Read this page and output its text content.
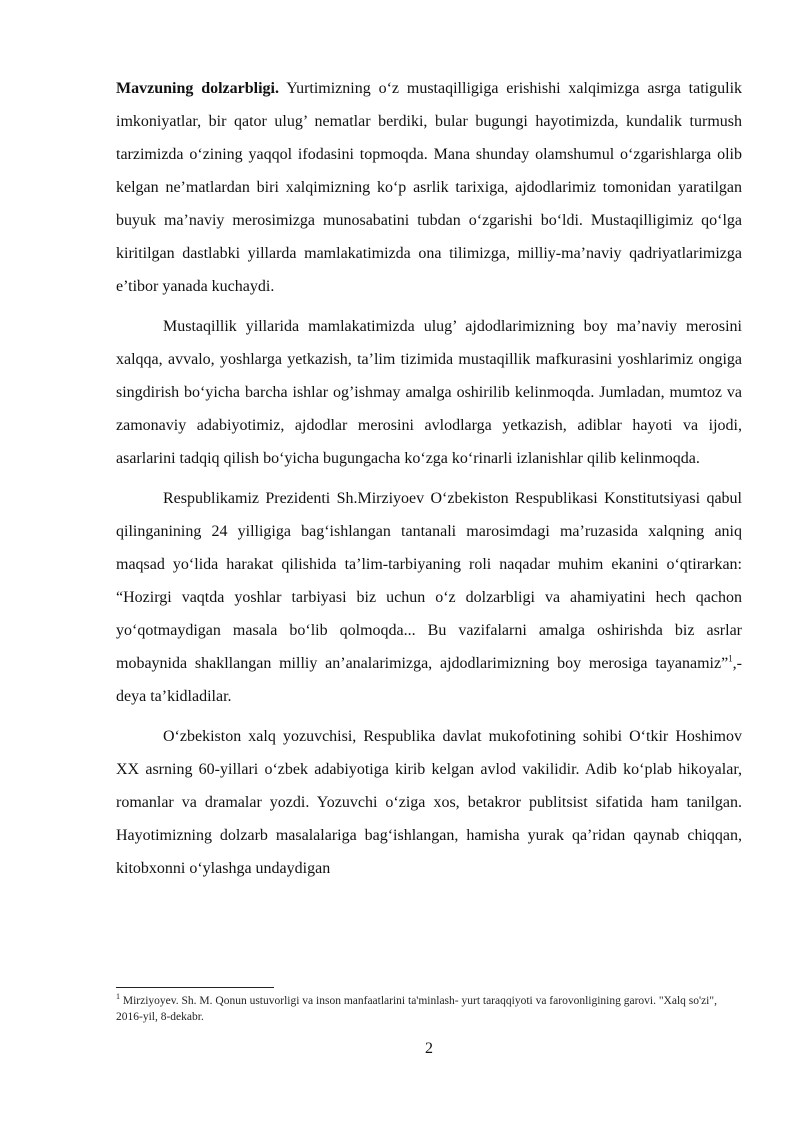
Mavzuning dolzarbligi. Yurtimizning o‘z mustaqilligiga erishishi xalqimizga asrga tatigulik imkoniyatlar, bir qator ulug’ nematlar berdiki, bular bugungi hayotimizda, kundalik turmush tarzimizda o‘zining yaqqol ifodasini topmoqda. Mana shunday olamshumul o‘zgarishlarga olib kelgan ne’matlardan biri xalqimizning ko‘p asrlik tarixiga, ajdodlarimiz tomonidan yaratilgan buyuk ma’naviy merosimizga munosabatini tubdan o‘zgarishi bo‘ldi. Mustaqilligimiz qo‘lga kiritilgan dastlabki yillarda mamlakatimizda ona tilimizga, milliy-ma’naviy qadriyatlarimizga e’tibor yanada kuchaydi.

Mustaqillik yillarida mamlakatimizda ulug’ ajdodlarimizning boy ma’naviy merosini xalqqa, avvalo, yoshlarga yetkazish, ta’lim tizimida mustaqillik mafkurasini yoshlarimiz ongiga singdirish bo‘yicha barcha ishlar og’ishmay amalga oshirilib kelinmoqda. Jumladan, mumtoz va zamonaviy adabiyotimiz, ajdodlar merosini avlodlarga yetkazish, adiblar hayoti va ijodi, asarlarini tadqiq qilish bo‘yicha bugungacha ko‘zga ko‘rinarli izlanishlar qilib kelinmoqda.

Respublikamiz Prezidenti Sh.Mirziyoev O‘zbekiston Respublikasi Konstitutsiyasi qabul qilinganining 24 yilligiga bag‘ishlangan tantanali marosimdagi ma’ruzasida xalqning aniq maqsad yo‘lida harakat qilishida ta’lim-tarbiyaning roli naqadar muhim ekanini o‘qtirarkan: “Hozirgi vaqtda yoshlar tarbiyasi biz uchun o‘z dolzarbligi va ahamiyatini hech qachon yo‘qotmaydigan masala bo‘lib qolmoqda... Bu vazifalarni amalga oshirishda biz asrlar mobaynida shakllangan milliy an’analarimizga, ajdodlarimizning boy merosiga tayanamiz”$^1$,-deya ta’kidladilar.

O‘zbekiston xalq yozuvchisi, Respublika davlat mukofotining sohibi O‘tkir Hoshimov XX asrning 60-yillari o‘zbek adabiyotiga kirib kelgan avlod vakilidir. Adib ko‘plab hikoyalar, romanlar va dramalar yozdi. Yozuvchi o‘ziga xos, betakror publitsist sifatida ham tanilgan. Hayotimizning dolzarb masalalariga bag‘ishlangan, hamisha yurak qa’ridan qaynab chiqqan, kitobxonni o‘ylashga undaydigan

$^1$ Mirziyoyev. Sh. M. Qonun ustuvorligi va inson manfaatlarini ta'minlash- yurt taraqqiyoti va farovonligining garovi. "Xalq so'zi", 2016-yil, 8-dekabr.
2
